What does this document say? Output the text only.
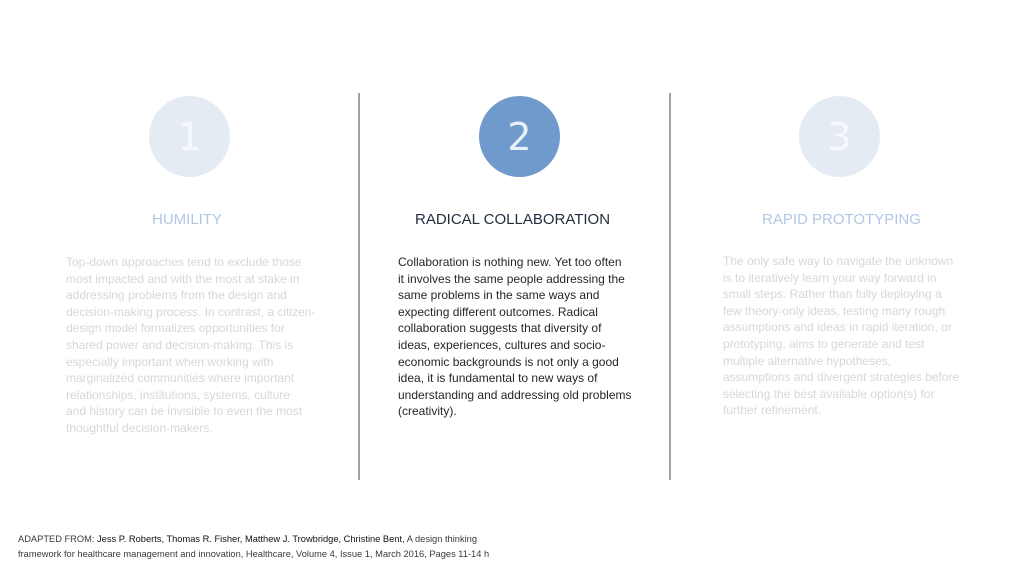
1
HUMILITY
Top-down approaches tend to exclude those
most impacted and with the most at stake in
addressing problems from the design and
decision-making process. In contrast, a citizen-
design model formalizes opportunities for
shared power and decision-making. This is
especially important when working with
marginalized communities where important
relationships, institutions, systems, culture
and history can be invisible to even the most
thoughtful decision-makers.
2
RADICAL COLLABORATION
Collaboration is nothing new. Yet too often
it involves the same people addressing the
same problems in the same ways and
expecting different outcomes. Radical
collaboration suggests that diversity of
ideas, experiences, cultures and socio-
economic backgrounds is not only a good
idea, it is fundamental to new ways of
understanding and addressing old problems
(creativity).
3
RAPID PROTOTYPING
The only safe way to navigate the unknown
is to iteratively learn your way forward in
small steps. Rather than fully deploying a
few theory-only ideas, testing many rough
assumptions and ideas in rapid iteration, or
prototyping, aims to generate and test
multiple alternative hypotheses,
assumptions and divergent strategies before
selecting the best available option(s) for
further refinement.
ADAPTED FROM: Jess P. Roberts, Thomas R. Fisher, Matthew J. Trowbridge, Christine Bent, A design thinking
framework for healthcare management and innovation, Healthcare, Volume 4, Issue 1, March 2016, Pages 11-14 h
